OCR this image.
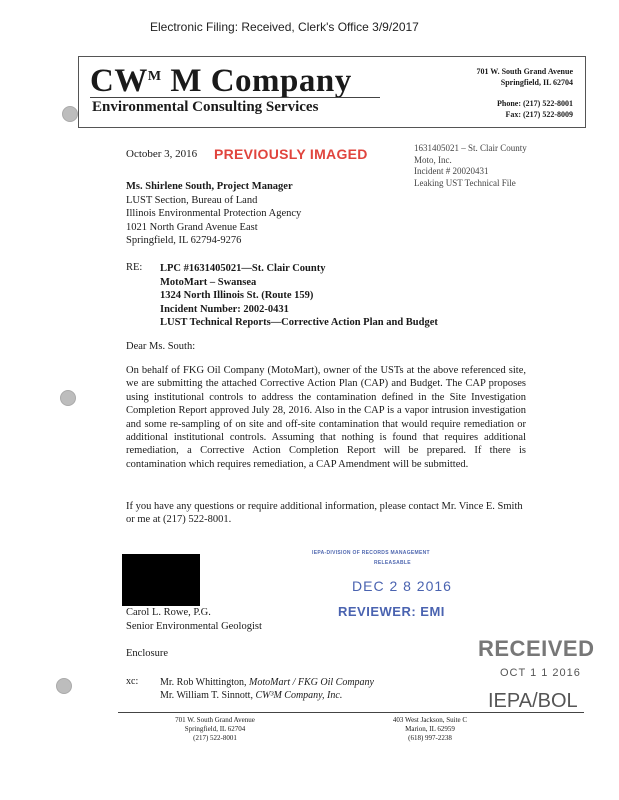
Electronic Filing: Received, Clerk's Office 3/9/2017
$CW^M$ M Company
Environmental Consulting Services
701 W. South Grand Avenue
Springfield, IL 62704
Phone: (217) 522-8001
Fax: (217) 522-8009
October 3, 2016 PREVIOUSLY IMAGED	1631405021 – St. Clair County
Moto, Inc.
Incident # 20020431
Leaking UST Technical File
Ms. Shirlene South, Project Manager
LUST Section, Bureau of Land
Illinois Environmental Protection Agency
1021 North Grand Avenue East
Springfield, IL 62794-9276
RE: LPC #1631405021—St. Clair County
MotoMart – Swansea
1324 North Illinois St. (Route 159)
Incident Number: 2002-0431
LUST Technical Reports—Corrective Action Plan and Budget
Dear Ms. South:
On behalf of FKG Oil Company (MotoMart), owner of the USTs at the above referenced site, we are submitting the attached Corrective Action Plan (CAP) and Budget. The CAP proposes using institutional controls to address the contamination defined in the Site Investigation Completion Report approved July 28, 2016. Also in the CAP is a vapor intrusion investigation and some re-sampling of on site and off-site contamination that would require remediation or additional institutional controls. Assuming that nothing is found that requires additional remediation, a Corrective Action Completion Report will be prepared. If there is contamination which requires remediation, a CAP Amendment will be submitted.
If you have any questions or require additional information, please contact Mr. Vince E. Smith or me at (217) 522-8001.
IEPA-DIVISION OF RECORDS MANAGEMENT
RELEASABLE
DEC 2 8 2016
REVIEWER: EMI
Carol L. Rowe, P.G.
Senior Environmental Geologist
Enclosure	RECEIVED
OCT 1 1 2016
IEPA/BOL
xc: Mr. Rob Whittington, MotoMart / FKG Oil Company
Mr. William T. Sinnott, CW³M Company, Inc.
701 W. South Grand Avenue
Springfield, IL 62704
(217) 522-8001
403 West Jackson, Suite C
Marion, IL 62959
(618) 997-2238
